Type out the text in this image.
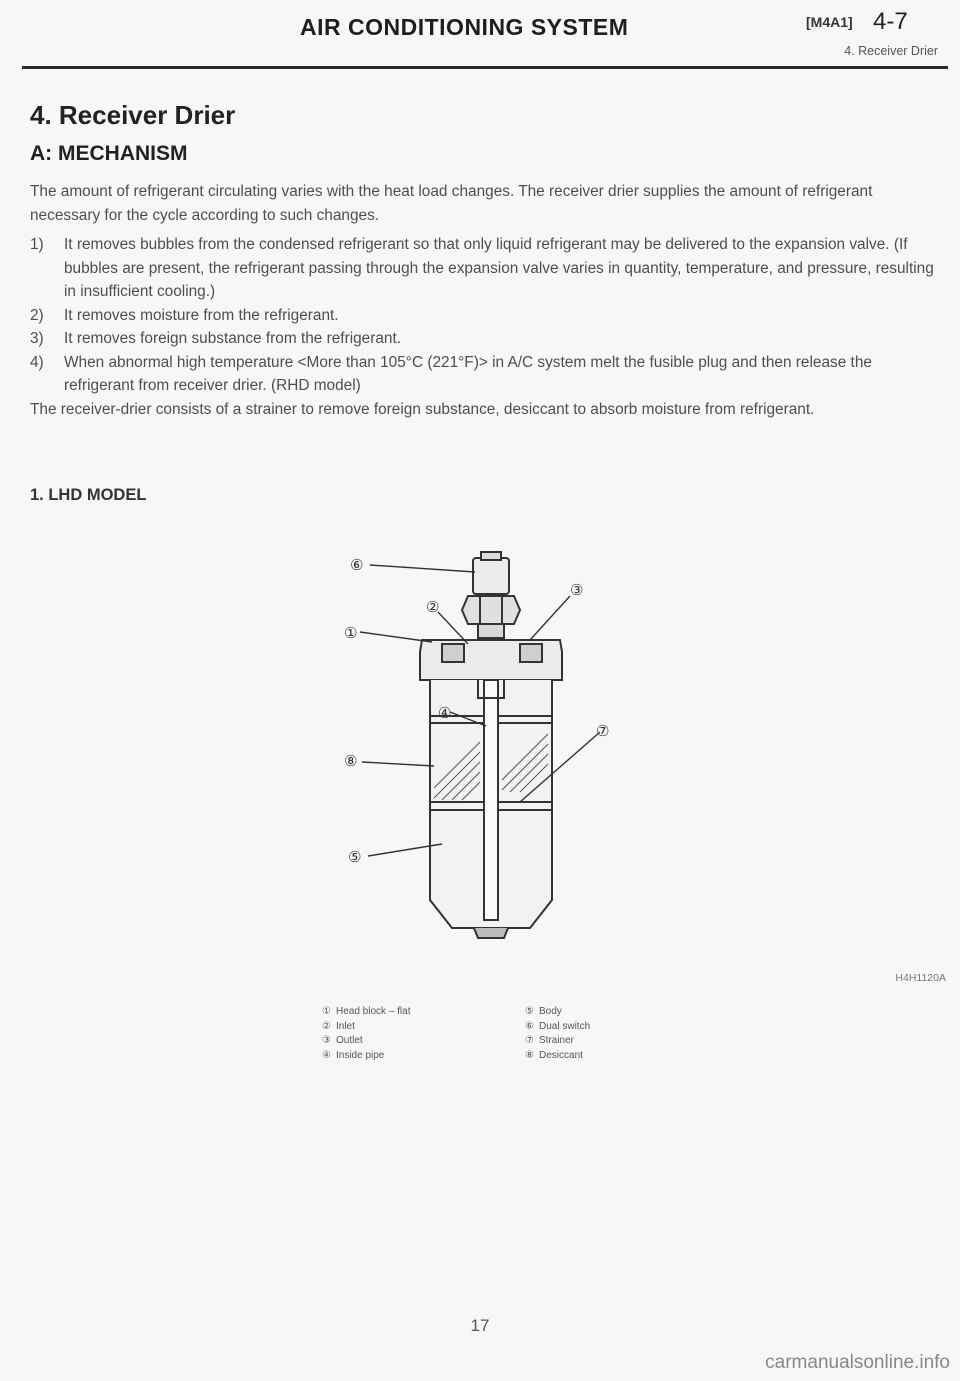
AIR CONDITIONING SYSTEM	[M4A1] 4-7
4. Receiver Drier
4. Receiver Drier
A: MECHANISM

The amount of refrigerant circulating varies with the heat load changes. The receiver drier supplies the amount of refrigerant necessary for the cycle according to such changes.

1)	It removes bubbles from the condensed refrigerant so that only liquid refrigerant may be delivered to the expansion valve. (If bubbles are present, the refrigerant passing through the expansion valve varies in quantity, temperature, and pressure, resulting in insufficient cooling.)
2)	It removes moisture from the refrigerant.
3)	It removes foreign substance from the refrigerant.
4)	When abnormal high temperature <More than 105°C (221°F)> in A/C system melt the fusible plug and then release the refrigerant from receiver drier. (RHD model)

The receiver-drier consists of a strainer to remove foreign substance, desiccant to absorb moisture from refrigerant.

1. LHD MODEL
⑥
②
③
①
④
⑦
⑧
⑤
H4H1120A
① Head block – flat
② Inlet
③ Outlet
④ Inside pipe
⑤ Body
⑥ Dual switch
⑦ Strainer
⑧ Desiccant
17
carmanualsonline.info
